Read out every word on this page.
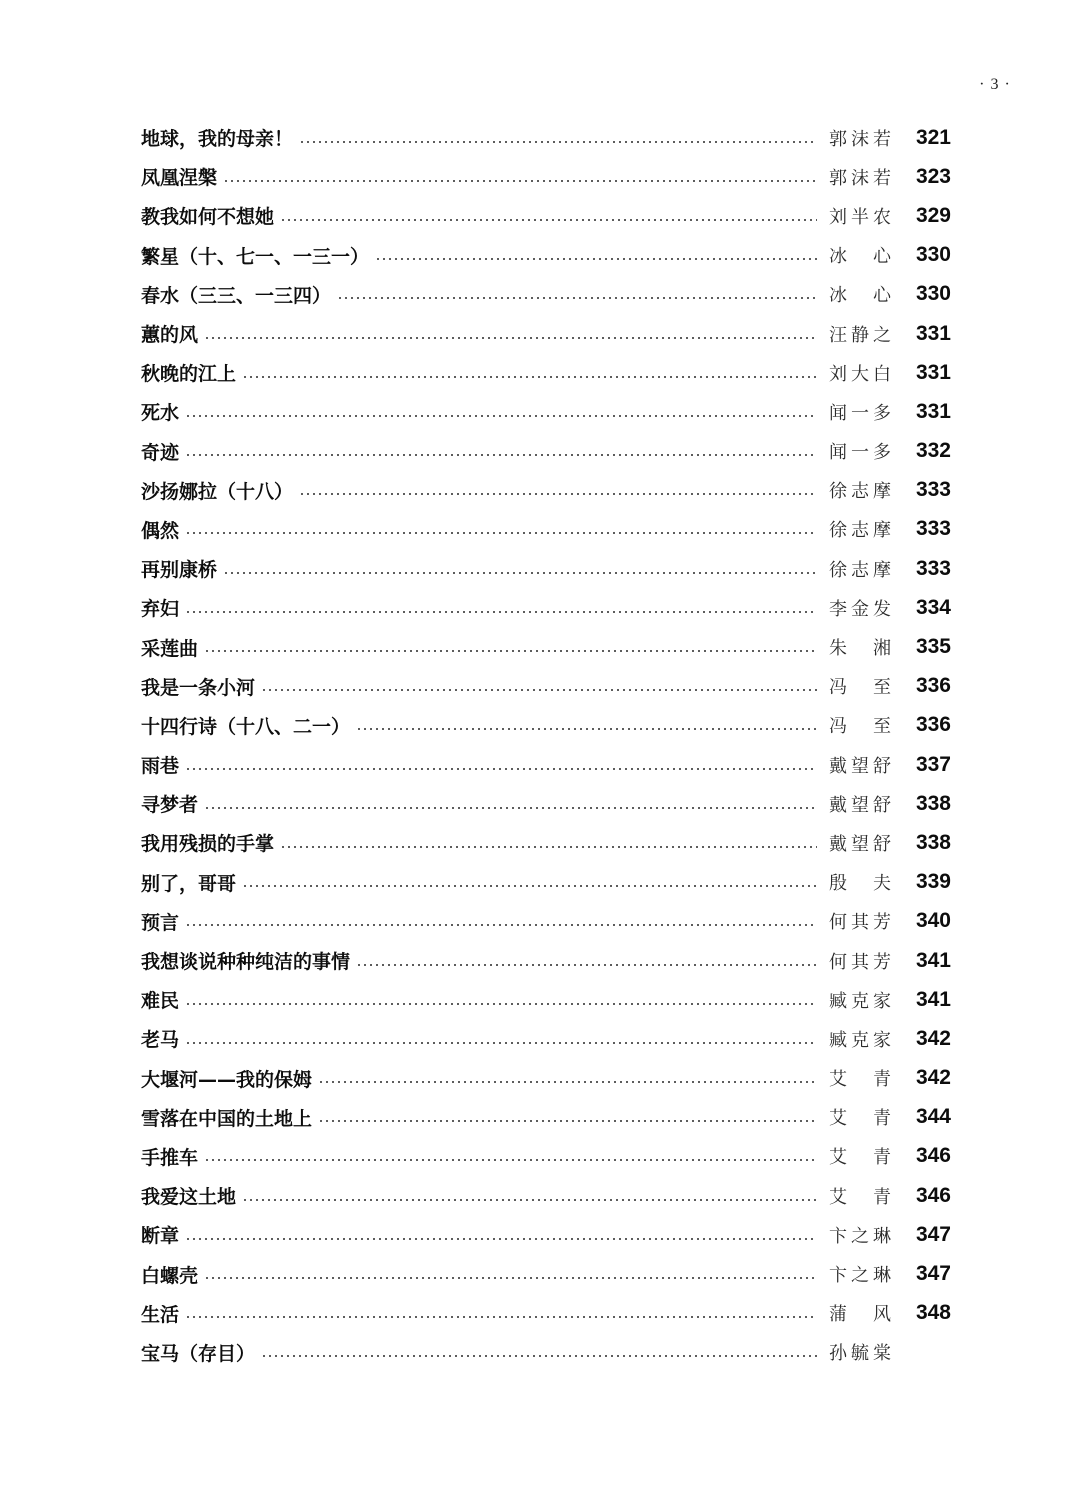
· 3 ·
地球，我的母亲！	郭沫若	321
凤凰涅槃	郭沫若	323
教我如何不想她	刘半农	329
繁星（十、七一、一三一）	冰 心	330
春水（三三、一三四）	冰 心	330
蕙的风	汪静之	331
秋晚的江上	刘大白	331
死水	闻一多	331
奇迹	闻一多	332
沙扬娜拉（十八）	徐志摩	333
偶然	徐志摩	333
再别康桥	徐志摩	333
弃妇	李金发	334
采莲曲	朱 湘	335
我是一条小河	冯 至	336
十四行诗（十八、二一）	冯 至	336
雨巷	戴望舒	337
寻梦者	戴望舒	338
我用残损的手掌	戴望舒	338
别了，哥哥	殷 夫	339
预言	何其芳	340
我想谈说种种纯洁的事情	何其芳	341
难民	臧克家	341
老马	臧克家	342
大堰河——我的保姆	艾 青	342
雪落在中国的土地上	艾 青	344
手推车	艾 青	346
我爱这土地	艾 青	346
断章	卞之琳	347
白螺壳	卞之琳	347
生活	蒲 风	348
宝马（存目）	孙毓棠
